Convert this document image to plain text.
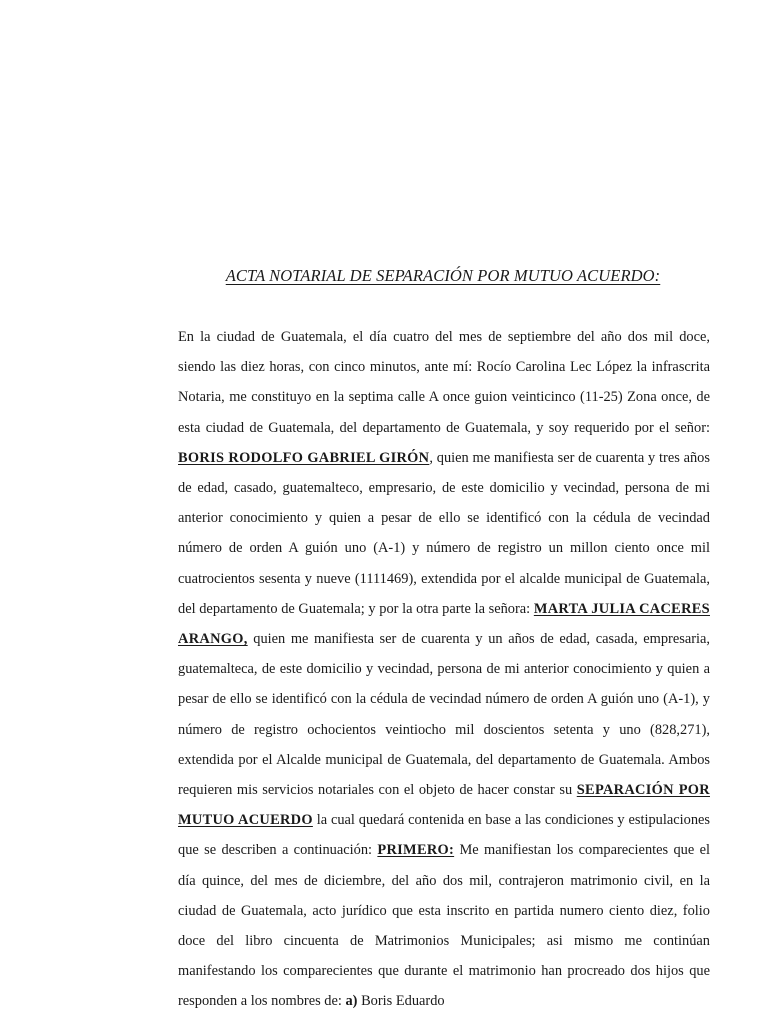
ACTA NOTARIAL DE SEPARACIÓN POR MUTUO ACUERDO:

En la ciudad de Guatemala, el día cuatro del mes de septiembre del año dos mil doce, siendo las diez horas, con cinco minutos, ante mí: Rocío Carolina Lec López la infrascrita Notaria, me constituyo en la septima calle A once guion veinticinco (11-25) Zona once, de esta ciudad de Guatemala, del departamento de Guatemala, y soy requerido por el señor: BORIS RODOLFO GABRIEL GIRÓN, quien me manifiesta ser de cuarenta y tres años de edad, casado, guatemalteco, empresario, de este domicilio y vecindad, persona de mi anterior conocimiento y quien a pesar de ello se identificó con la cédula de vecindad número de orden A guión uno (A-1) y número de registro un millon ciento once mil cuatrocientos sesenta y nueve (1111469), extendida por el alcalde municipal de Guatemala, del departamento de Guatemala; y por la otra parte la señora: MARTA JULIA CACERES ARANGO, quien me manifiesta ser de cuarenta y un años de edad, casada, empresaria, guatemalteca, de este domicilio y vecindad, persona de mi anterior conocimiento y quien a pesar de ello se identificó con la cédula de vecindad número de orden A guión uno (A-1), y número de registro ochocientos veintiocho mil doscientos setenta y uno (828,271), extendida por el Alcalde municipal de Guatemala, del departamento de Guatemala. Ambos requieren mis servicios notariales con el objeto de hacer constar su SEPARACIÓN POR MUTUO ACUERDO la cual quedará contenida en base a las condiciones y estipulaciones que se describen a continuación: PRIMERO: Me manifiestan los comparecientes que el día quince, del mes de diciembre, del año dos mil, contrajeron matrimonio civil, en la ciudad de Guatemala, acto jurídico que esta inscrito en partida numero ciento diez, folio doce del libro cincuenta de Matrimonios Municipales; asi mismo me continúan manifestando los comparecientes que durante el matrimonio han procreado dos hijos que responden a los nombres de: a) Boris Eduardo
